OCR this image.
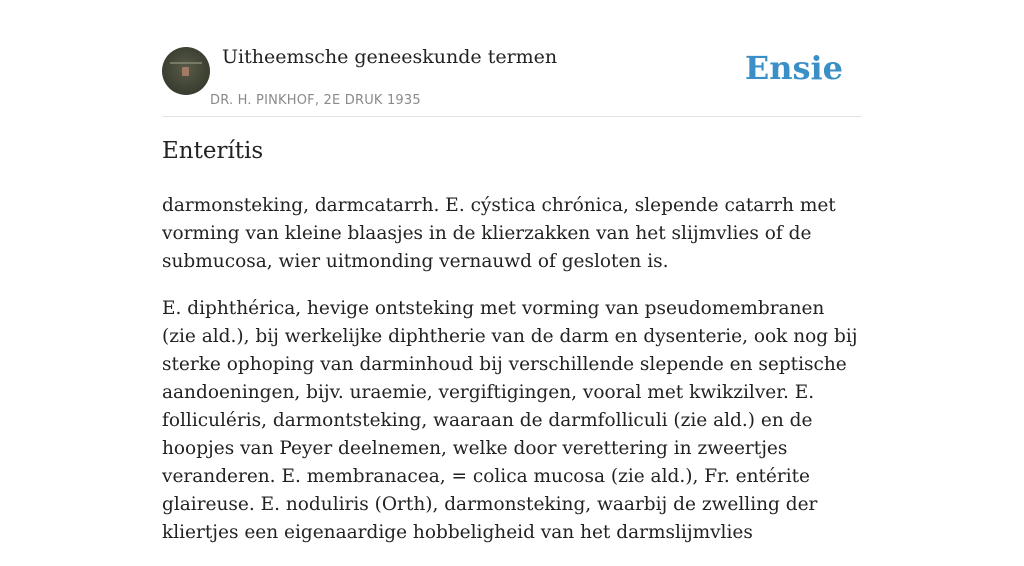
Uitheemsche geneeskunde termen
DR. H. PINKHOF, 2E DRUK 1935
Ensie
Enterítis

darmonsteking, darmcatarrh. E. cýstica chrónica, slepende catarrh met vorming van kleine blaasjes in de klierzakken van het slijmvlies of de submucosa, wier uitmonding vernauwd of gesloten is.

E. diphthérica, hevige ontsteking met vorming van pseudomembranen (zie ald.), bij werkelijke diphtherie van de darm en dysenterie, ook nog bij sterke ophoping van darminhoud bij verschillende slepende en septische aandoeningen, bijv. uraemie, vergiftigingen, vooral met kwikzilver. E. folliculéris, darmontsteking, waaraan de darmfolliculi (zie ald.) en de hoopjes van Peyer deelnemen, welke door verettering in zweertjes veranderen. E. membranacea, = colica mucosa (zie ald.), Fr. entérite glaireuse. E. noduliris (Orth), darmonsteking, waarbij de zwelling der kliertjes een eigenaardige hobbeligheid van het darmslijmvlies
